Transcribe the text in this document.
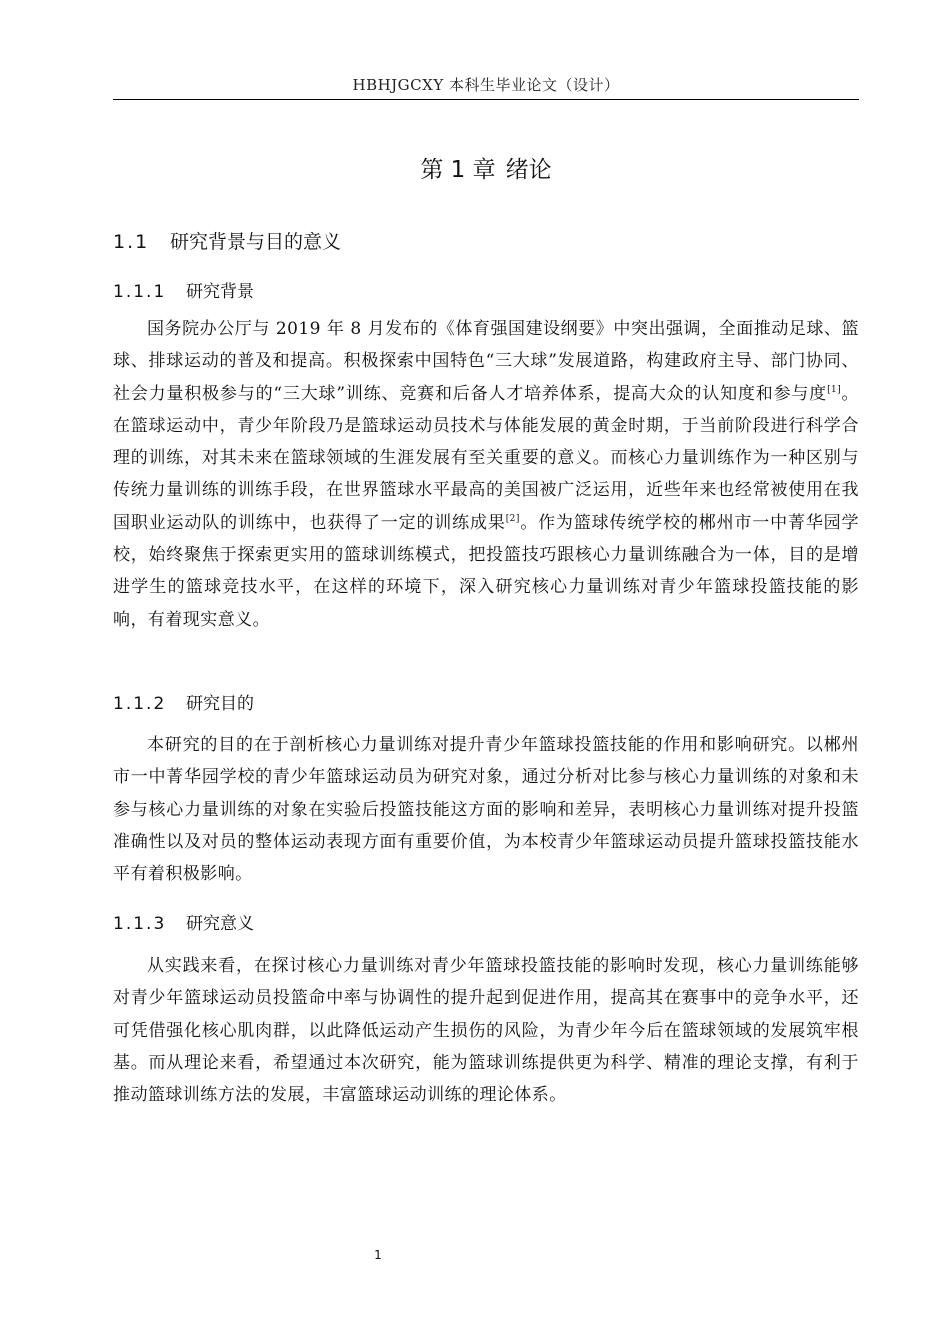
HBHJGCXY 本科生毕业论文（设计）
第 1 章 绪论
1.1 研究背景与目的意义
1.1.1 研究背景

国务院办公厅与 2019 年 8 月发布的《体育强国建设纲要》中突出强调，全面推动足球、篮球、排球运动的普及和提高。积极探索中国特色“三大球”发展道路，构建政府主导、部门协同、社会力量积极参与的“三大球”训练、竞赛和后备人才培养体系，提高大众的认知度和参与度[1]。在篮球运动中，青少年阶段乃是篮球运动员技术与体能发展的黄金时期，于当前阶段进行科学合理的训练，对其未来在篮球领域的生涯发展有至关重要的意义。而核心力量训练作为一种区别与传统力量训练的训练手段，在世界篮球水平最高的美国被广泛运用，近些年来也经常被使用在我国职业运动队的训练中，也获得了一定的训练成果[2]。作为篮球传统学校的郴州市一中菁华园学校，始终聚焦于探索更实用的篮球训练模式，把投篮技巧跟核心力量训练融合为一体，目的是增进学生的篮球竞技水平，在这样的环境下，深入研究核心力量训练对青少年篮球投篮技能的影响，有着现实意义。

1.1.2 研究目的

本研究的目的在于剖析核心力量训练对提升青少年篮球投篮技能的作用和影响研究。以郴州市一中菁华园学校的青少年篮球运动员为研究对象，通过分析对比参与核心力量训练的对象和未参与核心力量训练的对象在实验后投篮技能这方面的影响和差异，表明核心力量训练对提升投篮准确性以及对员的整体运动表现方面有重要价值，为本校青少年篮球运动员提升篮球投篮技能水平有着积极影响。

1.1.3 研究意义

从实践来看，在探讨核心力量训练对青少年篮球投篮技能的影响时发现，核心力量训练能够对青少年篮球运动员投篮命中率与协调性的提升起到促进作用，提高其在赛事中的竞争水平，还可凭借强化核心肌肉群，以此降低运动产生损伤的风险，为青少年今后在篮球领域的发展筑牢根基。而从理论来看，希望通过本次研究，能为篮球训练提供更为科学、精准的理论支撑，有利于推动篮球训练方法的发展，丰富篮球运动训练的理论体系。

1
